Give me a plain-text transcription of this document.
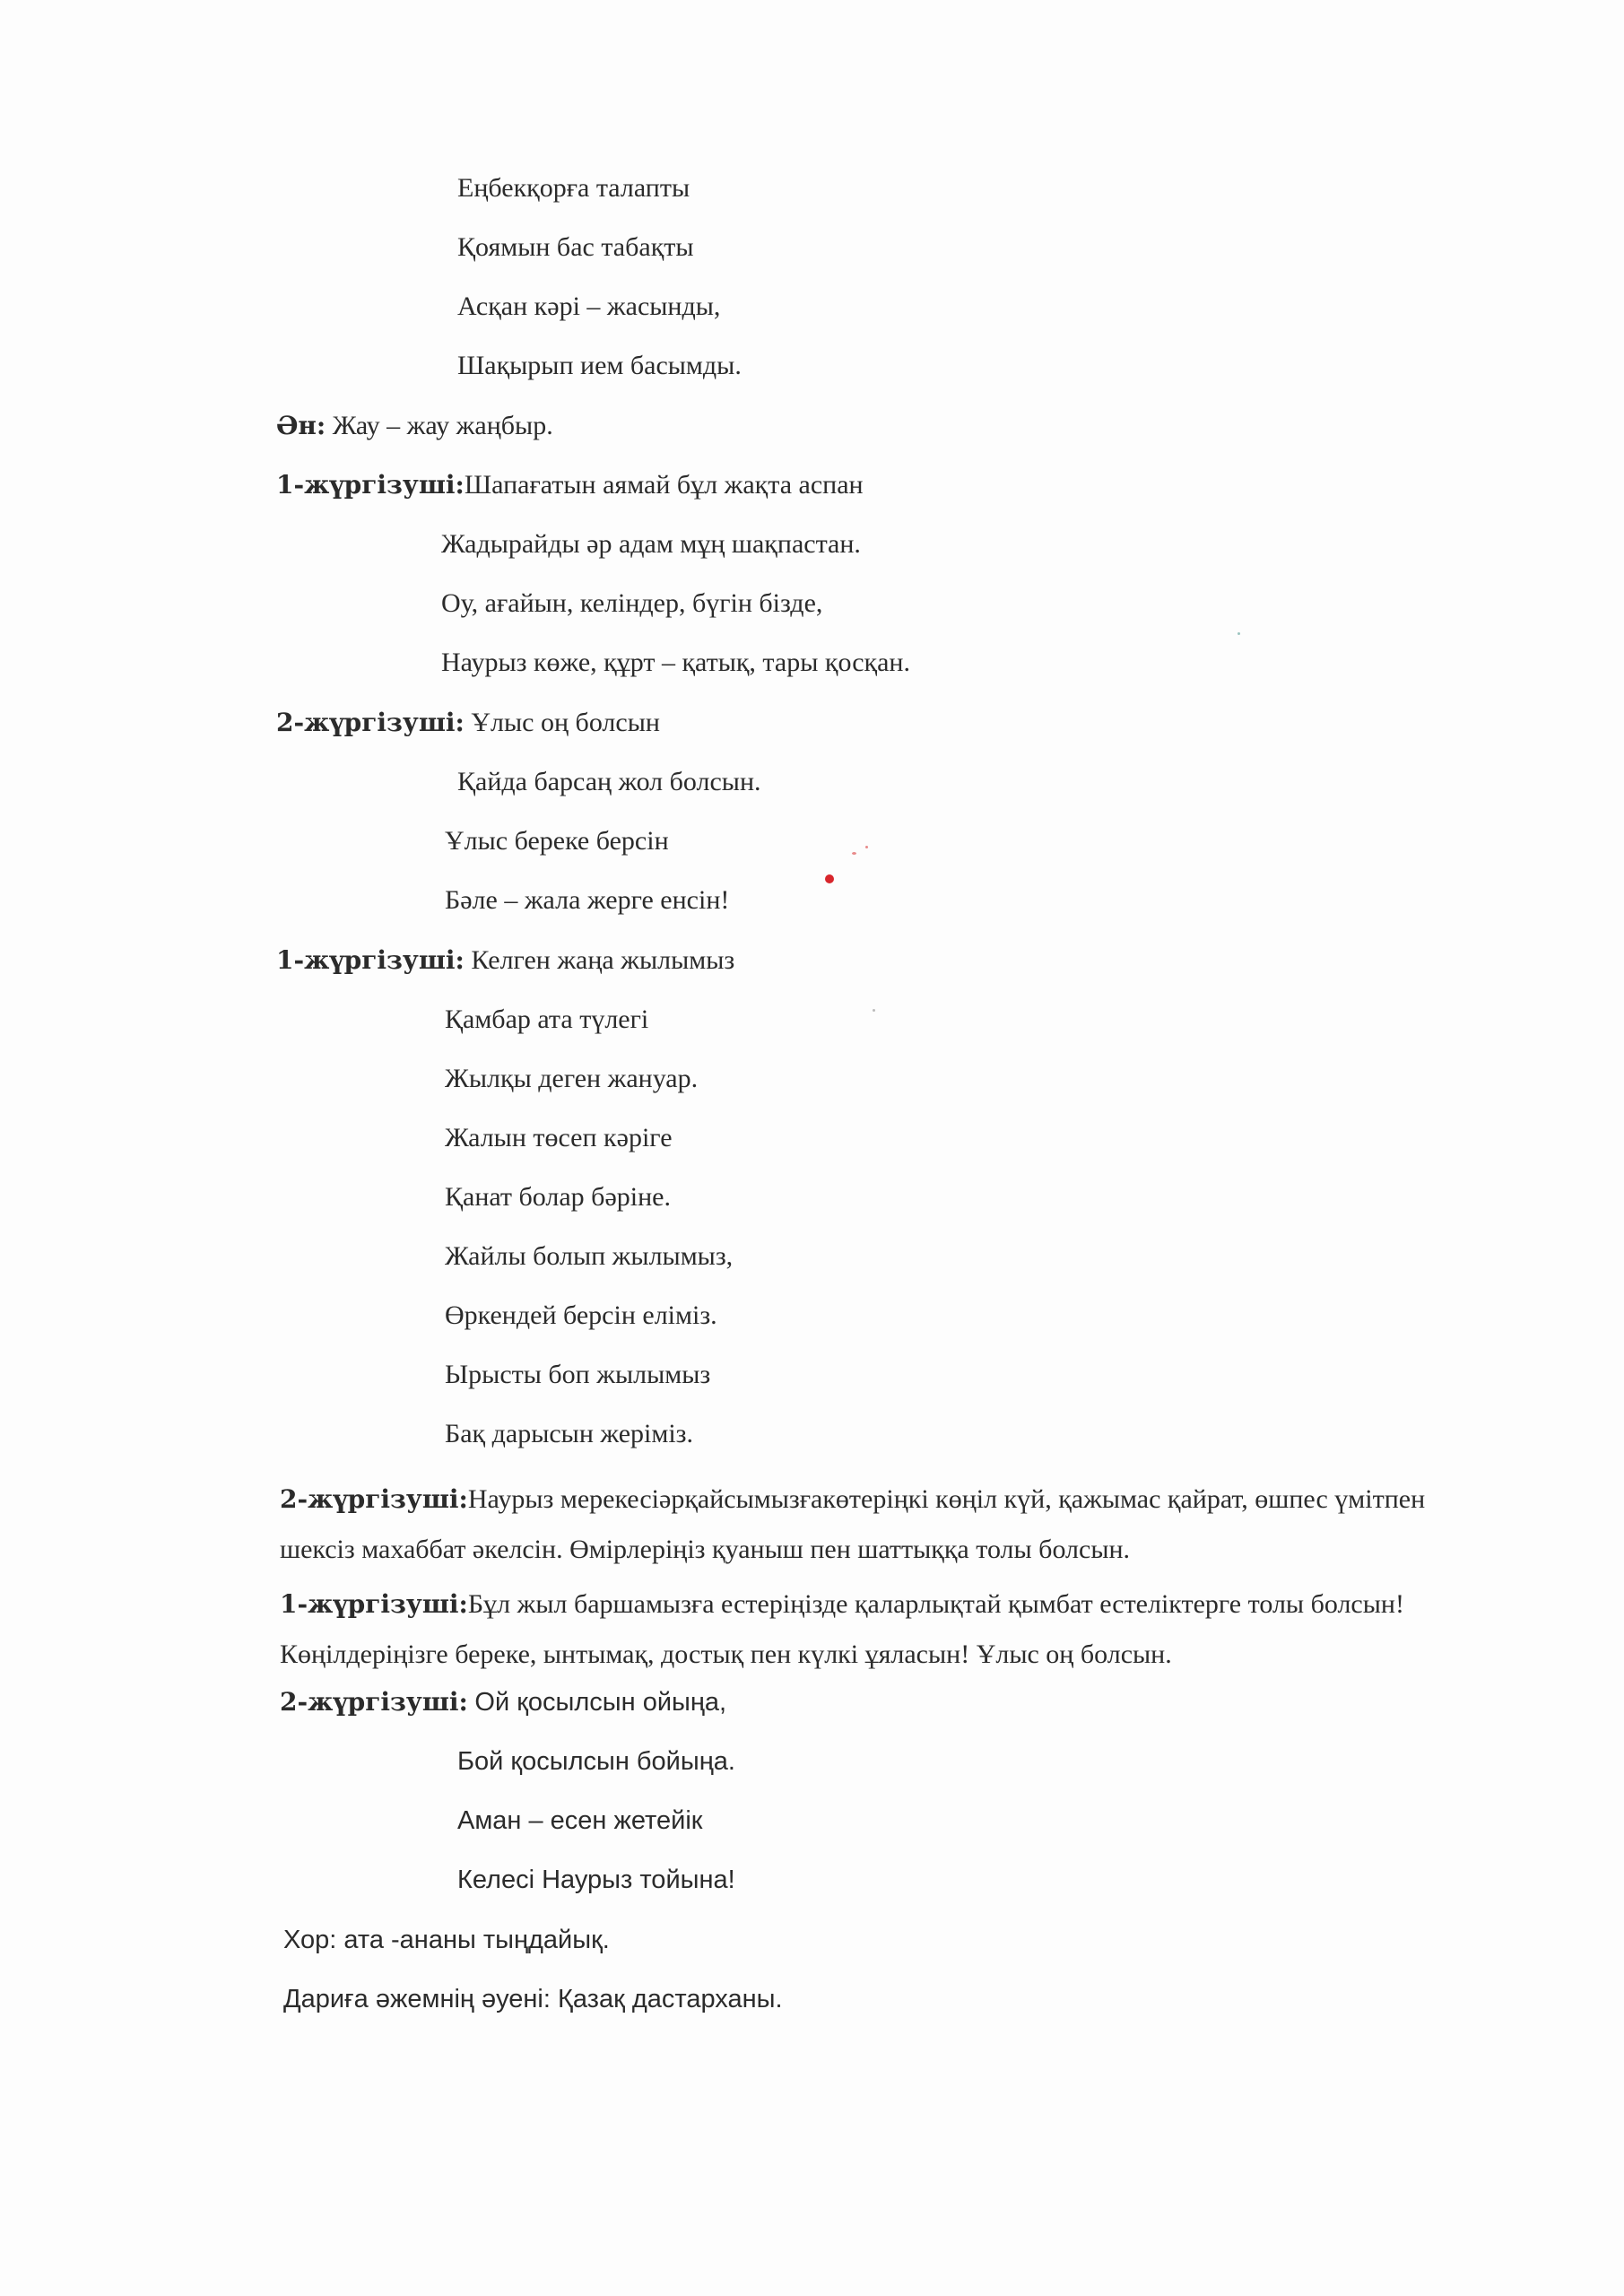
Еңбекқорға талапты

Қоямын бас табақты

Асқан кәрі – жасынды,

Шақырып ием басымды.

Ән: Жау – жау жаңбыр.

1-жүргізуші:Шапағатын аямай бұл жақта аспан

Жадырайды әр адам мұң шақпастан.

Оу, ағайын, келіндер, бүгін бізде,

Наурыз көже, құрт – қатық, тары қосқан.

2-жүргізуші: Ұлыс оң болсын

Қайда барсаң жол болсын.

Ұлыс береке берсін

Бәле – жала жерге енсін!

1-жүргізуші: Келген жаңа жылымыз

Қамбар ата түлегі

Жылқы деген жануар.

Жалын төсеп кәріге

Қанат болар бәріне.

Жайлы болып жылымыз,

Өркендей берсін еліміз.

Ырысты боп жылымыз

Бақ дарысын жеріміз.

2-жүргізуші:Наурыз мерекесіәрқайсымызғакөтеріңкі көңіл күй, қажымас қайрат, өшпес үмітпен шексіз махаббат әкелсін. Өмірлеріңіз қуаныш пен шаттыққа толы болсын.

1-жүргізуші:Бұл жыл баршамызға естеріңізде қаларлықтай қымбат естеліктерге толы болсын! Көңілдеріңізге береке, ынтымақ, достық пен күлкі ұяласын! Ұлыс оң болсын.

2-жүргізуші: Ой қосылсын ойыңа,

Бой қосылсын бойыңа.

Аман – есен жетейік

Келесі Наурыз тойына!

Хор: ата -ананы тыңдайық.

Дариға әжемнің әуені: Қазақ дастарханы.
